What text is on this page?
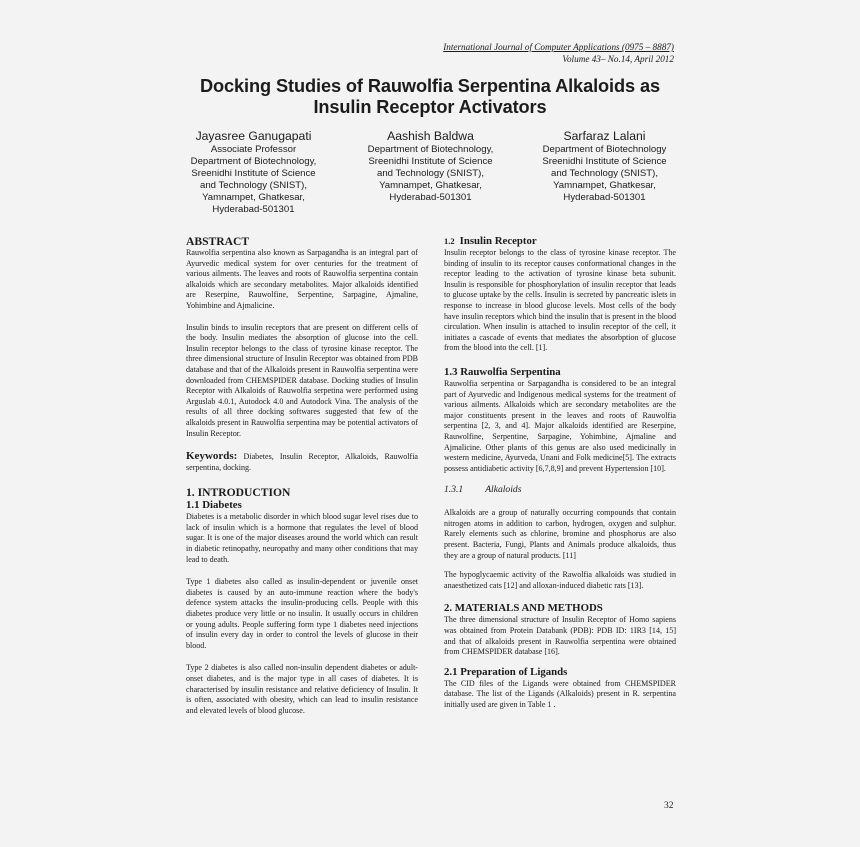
International Journal of Computer Applications (0975 – 8887)
Volume 43– No.14, April 2012
Docking Studies of Rauwolfia Serpentina Alkaloids as
Insulin Receptor Activators
Jayasree Ganugapati
Associate Professor
Department of Biotechnology,
Sreenidhi Institute of Science
and Technology (SNIST),
Yamnampet, Ghatkesar,
Hyderabad-501301
Aashish Baldwa
Department of Biotechnology,
Sreenidhi Institute of Science
and Technology (SNIST),
Yamnampet, Ghatkesar,
Hyderabad-501301
Sarfaraz Lalani
Department of Biotechnology
Sreenidhi Institute of Science
and Technology (SNIST),
Yamnampet, Ghatkesar,
Hyderabad-501301
ABSTRACT
Rauwolfia serpentina also known as Sarpagandha is an integral part of Ayurvedic medical system for over centuries for the treatment of various ailments. The leaves and roots of Rauwolfia serpentina contain alkaloids which are secondary metabolites. Major alkaloids identified are Reserpine, Rauwolfine, Serpentine, Sarpagine, Ajmaline, Yohimbine and Ajmalicine.
Insulin binds to insulin receptors that are present on different cells of the body. Insulin mediates the absorption of glucose into the cell. Insulin receptor belongs to the class of tyrosine kinase receptor. The three dimensional structure of Insulin Receptor was obtained from PDB database and that of the Alkaloids present in Rauwolfia serpentina were downloaded from CHEMSPIDER database. Docking studies of Insulin Receptor with Alkaloids of Rauwolfia serpetina were performed using Arguslab 4.0.1, Autodock 4.0 and Autodock Vina. The analysis of the results of all three docking softwares suggested that few of the alkaloids present in Rauwolfia serpentina may be potential activators of Insulin Receptor.
Keywords: Diabetes, Insulin Receptor, Alkaloids, Rauwolfia serpentina, docking.
1. INTRODUCTION
1.1 Diabetes
Diabetes is a metabolic disorder in which blood sugar level rises due to lack of insulin which is a hormone that regulates the level of blood sugar. It is one of the major diseases around the world which can result in diabetic retinopathy, neuropathy and many other conditions that may lead to death.
Type 1 diabetes also called as insulin-dependent or juvenile onset diabetes is caused by an auto-immune reaction where the body's defence system attacks the insulin-producing cells. People with this diabetes produce very little or no insulin. It usually occurs in children or young adults. People suffering form type 1 diabetes need injections of insulin every day in order to control the levels of glucose in their blood.
Type 2 diabetes is also called non-insulin dependent diabetes or adult-onset diabetes, and is the major type in all cases of diabetes. It is characterised by insulin resistance and relative deficiency of Insulin. It is often, associated with obesity, which can lead to insulin resistance and elevated levels of blood glucose.
1.2 Insulin Receptor
Insulin receptor belongs to the class of tyrosine kinase receptor. The binding of insulin to its receptor causes conformational changes in the receptor leading to the activation of tyrosine kinase beta subunit. Insulin is responsible for phosphorylation of insulin receptor that leads to glucose uptake by the cells. Insulin is secreted by pancreatic islets in response to increase in blood glucose levels. Most cells of the body have insulin receptors which bind the insulin that is present in the blood circulation. When insulin is attached to insulin receptor of the cell, it initiates a cascade of events that mediates the absorbption of glucose from the blood into the cell. [1].
1.3 Rauwolfia Serpentina
Rauwolfia serpentina or Sarpagandha is considered to be an integral part of Ayurvedic and Indigenous medical systems for the treatment of various ailments. Alkaloids which are secondary metabolites are the major constituents present in the leaves and roots of Rauwolfia serpentina [2, 3, and 4]. Major alkaloids identified are Reserpine, Rauwolfine, Serpentine, Sarpagine, Yohimbine, Ajmaline and Ajmalicine. Other plants of this genus are also used medicinally in western medicine, Ayurveda, Unani and Folk medicine[5]. The extracts possess antidiabetic activity [6,7,8,9] and prevent Hypertension [10].
1.3.1 Alkaloids
Alkaloids are a group of naturally occurring compounds that contain nitrogen atoms in addition to carbon, hydrogen, oxygen and sulphur. Rarely elements such as chlorine, bromine and phosphorus are also present. Bacteria, Fungi, Plants and Animals produce alkaloids, thus they are a group of natural products. [11]
The hypoglycaemic activity of the Rawolfia alkaloids was studied in anaesthetized cats [12] and alloxan-induced diabetic rats [13].
2. MATERIALS AND METHODS
The three dimensional structure of Insulin Receptor of Homo sapiens was obtained from Protein Databank (PDB): PDB ID: 1IR3 [14, 15] and that of alkaloids present in Rauwolfia serpentina were obtained from CHEMSPIDER database [16].
2.1 Preparation of Ligands
The CID files of the Ligands were obtained from CHEMSPIDER database. The list of the Ligands (Alkaloids) present in R. serpentina initially used are given in Table 1 .
32
